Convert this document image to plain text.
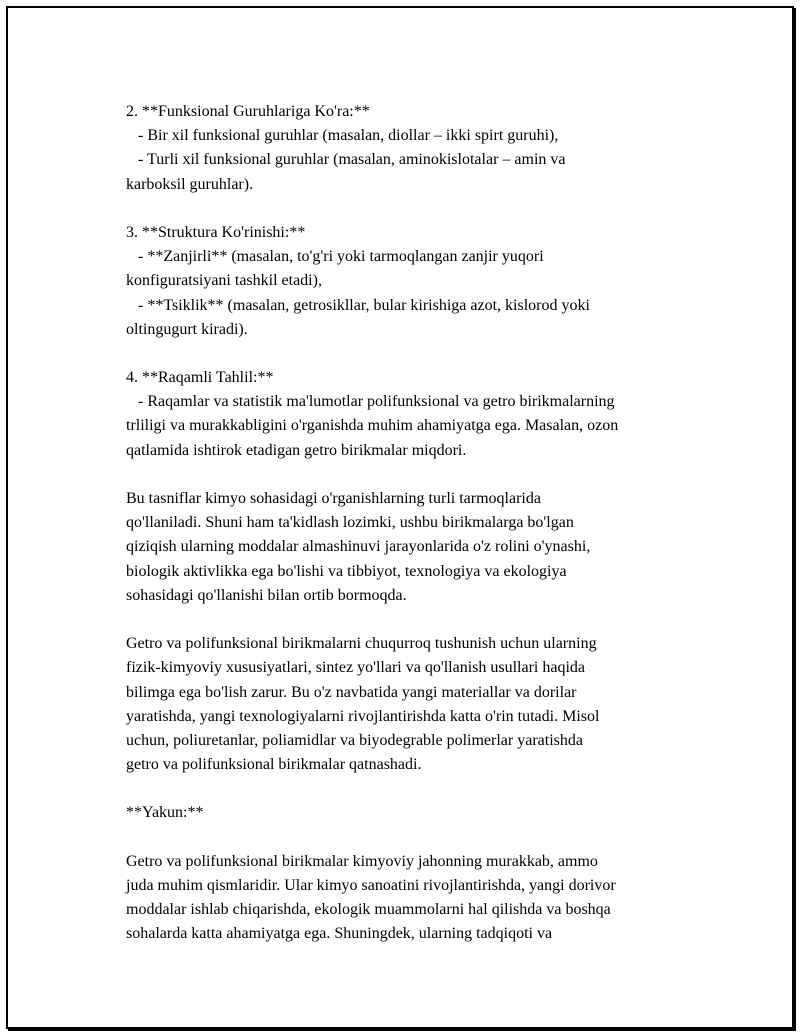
2. **Funksional Guruhlariga Ko'ra:**
- Bir xil funksional guruhlar (masalan, diollar – ikki spirt guruhi),
- Turli xil funksional guruhlar (masalan, aminokislotalar – amin va
karboksil guruhlar).
3. **Struktura Ko'rinishi:**
- **Zanjirli** (masalan, to'g'ri yoki tarmoqlangan zanjir yuqori
konfiguratsiyani tashkil etadi),
- **Tsiklik** (masalan, getrosikllar, bular kirishiga azot, kislorod yoki
oltingugurt kiradi).
4. **Raqamli Tahlil:**
- Raqamlar va statistik ma'lumotlar polifunksional va getro birikmalarning
trliligi va murakkabligini o'rganishda muhim ahamiyatga ega. Masalan, ozon
qatlamida ishtirok etadigan getro birikmalar miqdori.
Bu tasniflar kimyo sohasidagi o'rganishlarning turli tarmoqlarida
qo'llaniladi. Shuni ham ta'kidlash lozimki, ushbu birikmalarga bo'lgan
qiziqish ularning moddalar almashinuvi jarayonlarida o'z rolini o'ynashi,
biologik aktivlikka ega bo'lishi va tibbiyot, texnologiya va ekologiya
sohasidagi qo'llanishi bilan ortib bormoqda.
Getro va polifunksional birikmalarni chuqurroq tushunish uchun ularning
fizik-kimyoviy xususiyatlari, sintez yo'llari va qo'llanish usullari haqida
bilimga ega bo'lish zarur. Bu o'z navbatida yangi materiallar va dorilar
yaratishda, yangi texnologiyalarni rivojlantirishda katta o'rin tutadi. Misol
uchun, poliuretanlar, poliamidlar va biyodegrable polimerlar yaratishda
getro va polifunksional birikmalar qatnashadi.
**Yakun:**
Getro va polifunksional birikmalar kimyoviy jahonning murakkab, ammo
juda muhim qismlaridir. Ular kimyo sanoatini rivojlantirishda, yangi dorivor
moddalar ishlab chiqarishda, ekologik muammolarni hal qilishda va boshqa
sohalarda katta ahamiyatga ega. Shuningdek, ularning tadqiqoti va
